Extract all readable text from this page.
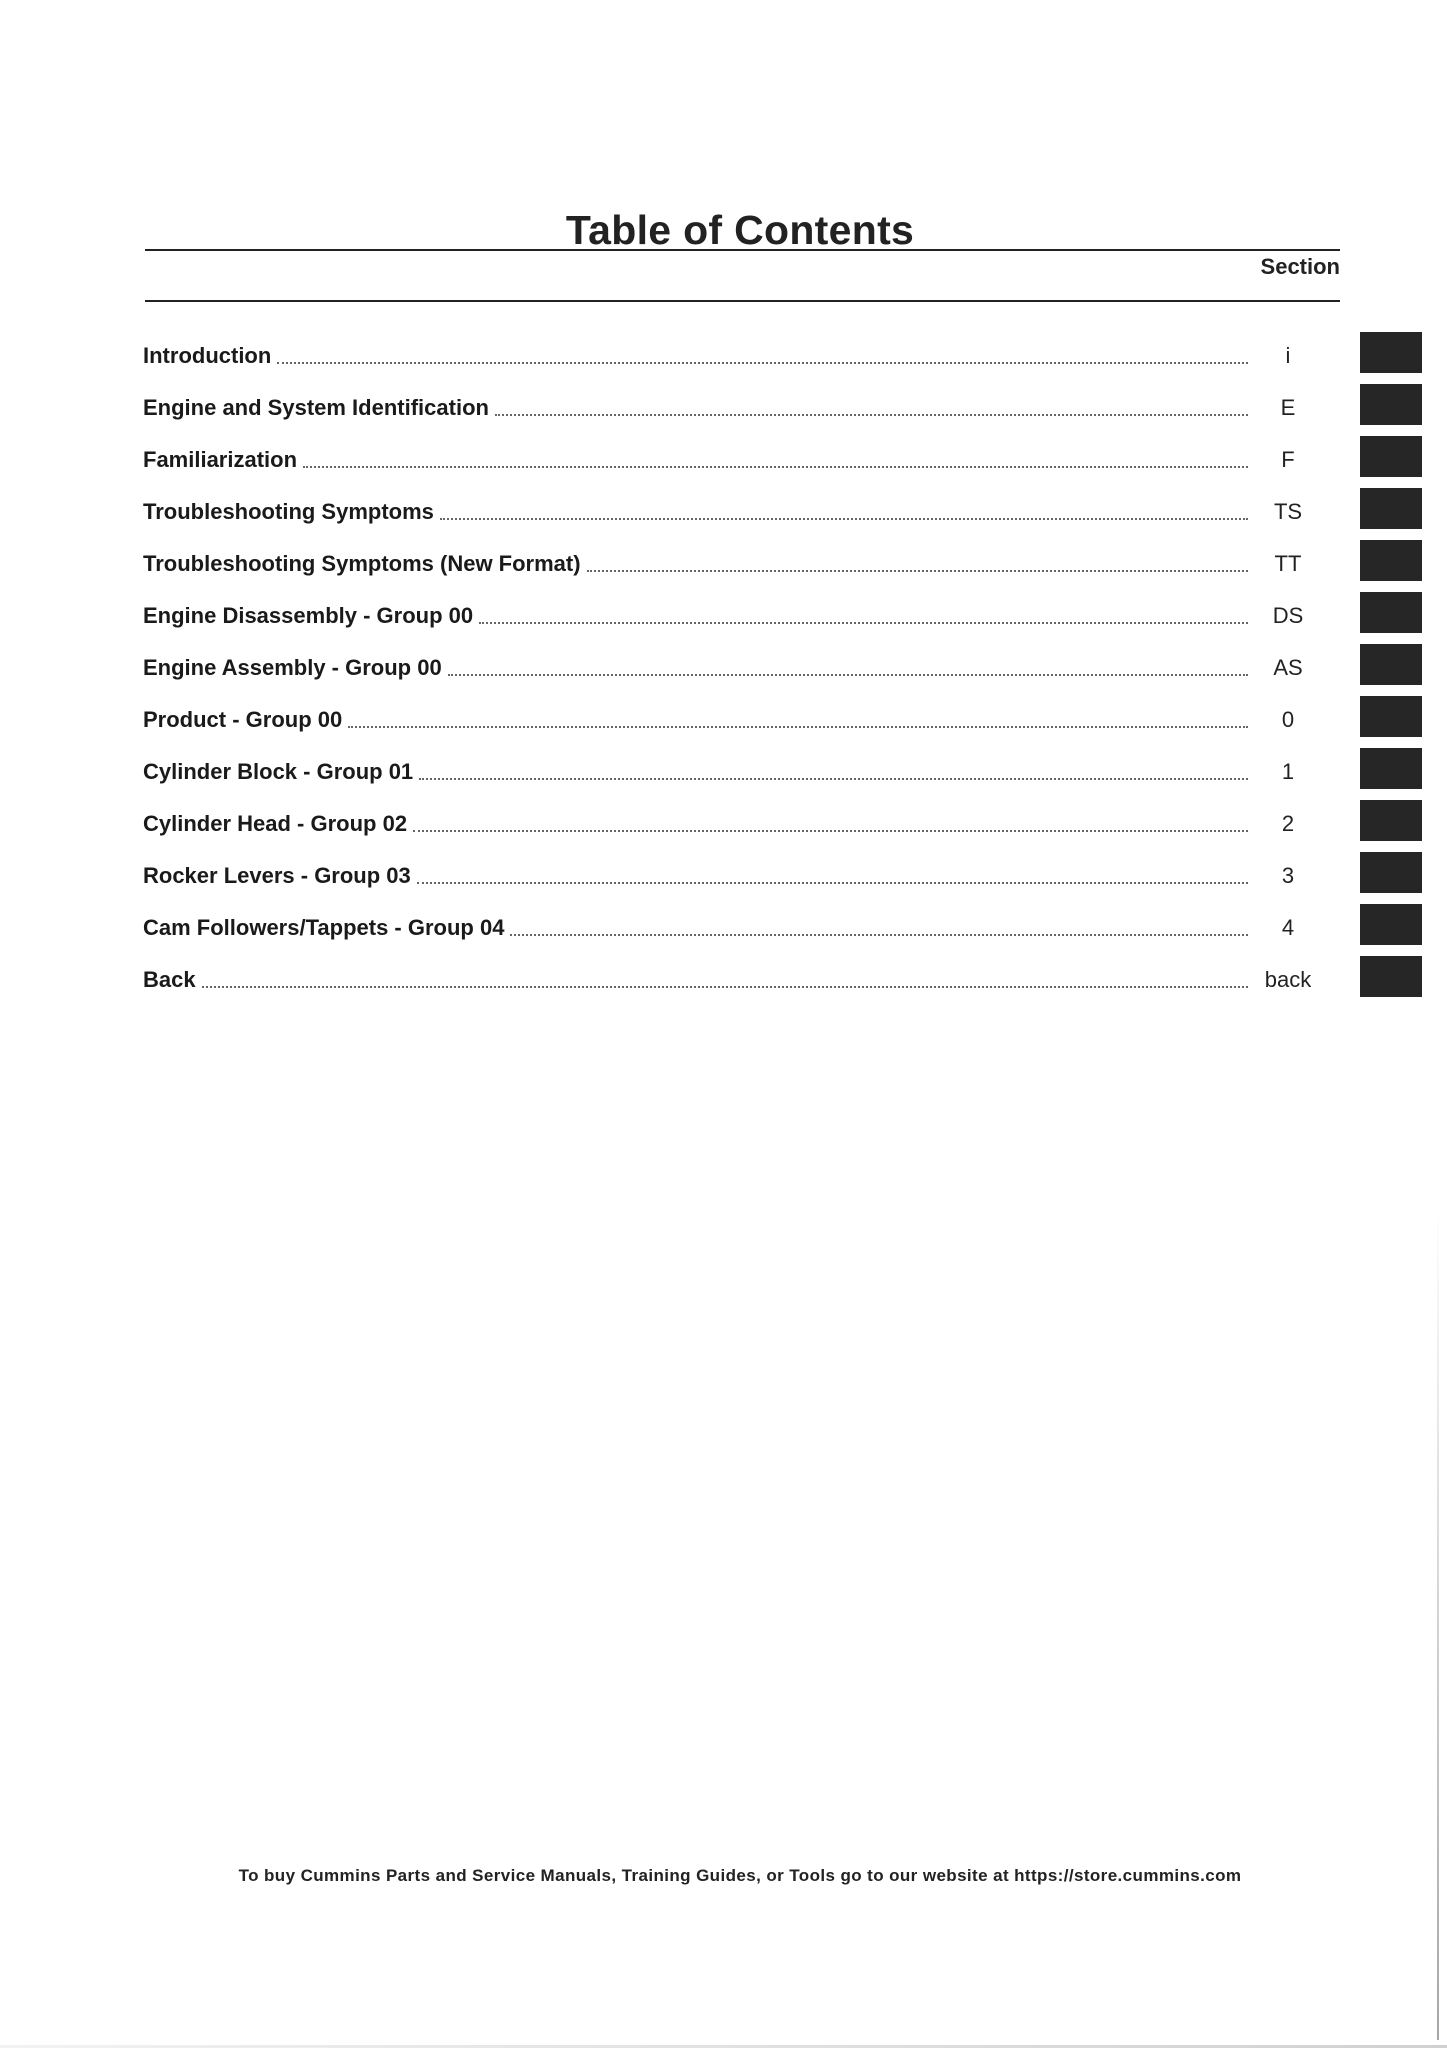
Table of Contents
Section
Introduction	i
Engine and System Identification	E
Familiarization	F
Troubleshooting Symptoms	TS
Troubleshooting Symptoms (New Format)	TT
Engine Disassembly - Group 00	DS
Engine Assembly - Group 00	AS
Product - Group 00	0
Cylinder Block - Group 01	1
Cylinder Head - Group 02	2
Rocker Levers - Group 03	3
Cam Followers/Tappets - Group 04	4
Back	back
To buy Cummins Parts and Service Manuals, Training Guides, or Tools go to our website at https://store.cummins.com
